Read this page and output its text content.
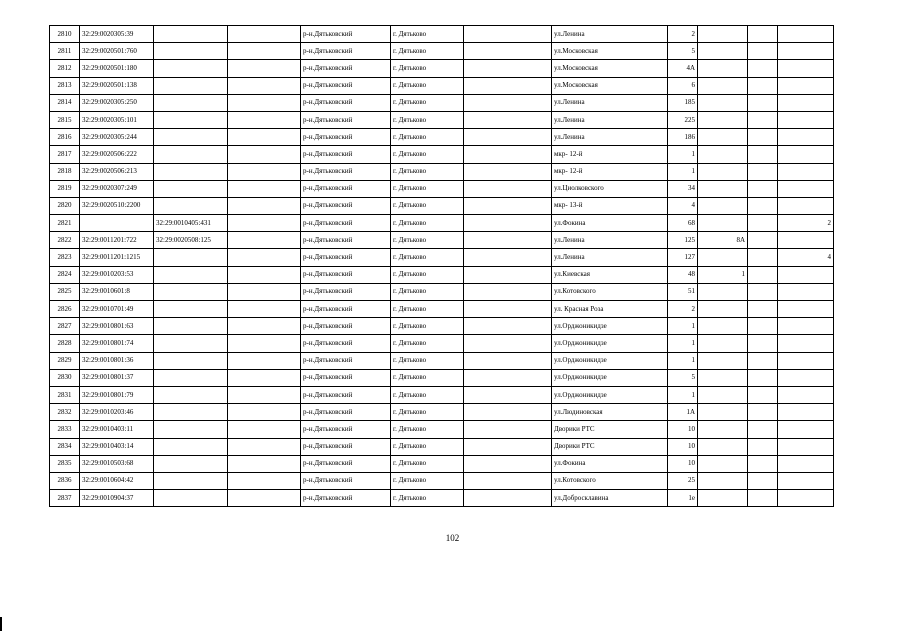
2810	32:29:0020305:39			р-н.Дятьковский	г. Дятьково		ул.Ленина	2			
2811	32:29:0020501:760			р-н.Дятьковский	г. Дятьково		ул.Московская	5			
2812	32:29:0020501:180			р-н.Дятьковский	г. Дятьково		ул.Московская	4А			
2813	32:29:0020501:138			р-н.Дятьковский	г. Дятьково		ул.Московская	6			
2814	32:29:0020305:250			р-н.Дятьковский	г. Дятьково		ул.Ленина	185			
2815	32:29:0020305:101			р-н.Дятьковский	г. Дятьково		ул.Ленина	225			
2816	32:29:0020305:244			р-н.Дятьковский	г. Дятьково		ул.Ленина	186			
2817	32:29:0020506:222			р-н.Дятьковский	г. Дятьково		мкр- 12-й	1			
2818	32:29:0020506:213			р-н.Дятьковский	г. Дятьково		мкр- 12-й	1			
2819	32:29:0020307:249			р-н.Дятьковский	г. Дятьково		ул.Циолковского	34			
2820	32:29:0020510:2200			р-н.Дятьковский	г. Дятьково		мкр- 13-й	4			
2821		32:29:0010405:431		р-н.Дятьковский	г. Дятьково		ул.Фокина	68			2
2822	32:29:0011201:722	32:29:0020508:125		р-н.Дятьковский	г. Дятьково		ул.Ленина	125	8А		
2823	32:29:0011201:1215			р-н.Дятьковский	г. Дятьково		ул.Ленина	127			4
2824	32:29:0010203:53			р-н.Дятьковский	г. Дятьково		ул.Киевская	48	1		
2825	32:29:0010601:8			р-н.Дятьковский	г. Дятьково		ул.Котовского	51			
2826	32:29:0010701:49			р-н.Дятьковский	г. Дятьково		ул. Красная Роза	2			
2827	32:29:0010801:63			р-н.Дятьковский	г. Дятьково		ул.Орджоникидзе	1			
2828	32:29:0010801:74			р-н.Дятьковский	г. Дятьково		ул.Орджоникидзе	1			
2829	32:29:0010801:36			р-н.Дятьковский	г. Дятьково		ул.Орджоникидзе	1			
2830	32:29:0010801:37			р-н.Дятьковский	г. Дятьково		ул.Орджоникидзе	5			
2831	32:29:0010801:79			р-н.Дятьковский	г. Дятьково		ул.Орджоникидзе	1			
2832	32:29:0010203:46			р-н.Дятьковский	г. Дятьково		ул.Людиновская	1А			
2833	32:29:0010403:11			р-н.Дятьковский	г. Дятьково		Дворики РТС	10			
2834	32:29:0010403:14			р-н.Дятьковский	г. Дятьково		Дворики РТС	10			
2835	32:29:0010503:68			р-н.Дятьковский	г. Дятьково		ул.Фокина	10			
2836	32:29:0010604:42			р-н.Дятьковский	г. Дятьково		ул.Котовского	25			
2837	32:29:0010904:37			р-н.Дятьковский	г. Дятьково		ул.Добросклавина	1е			
102
